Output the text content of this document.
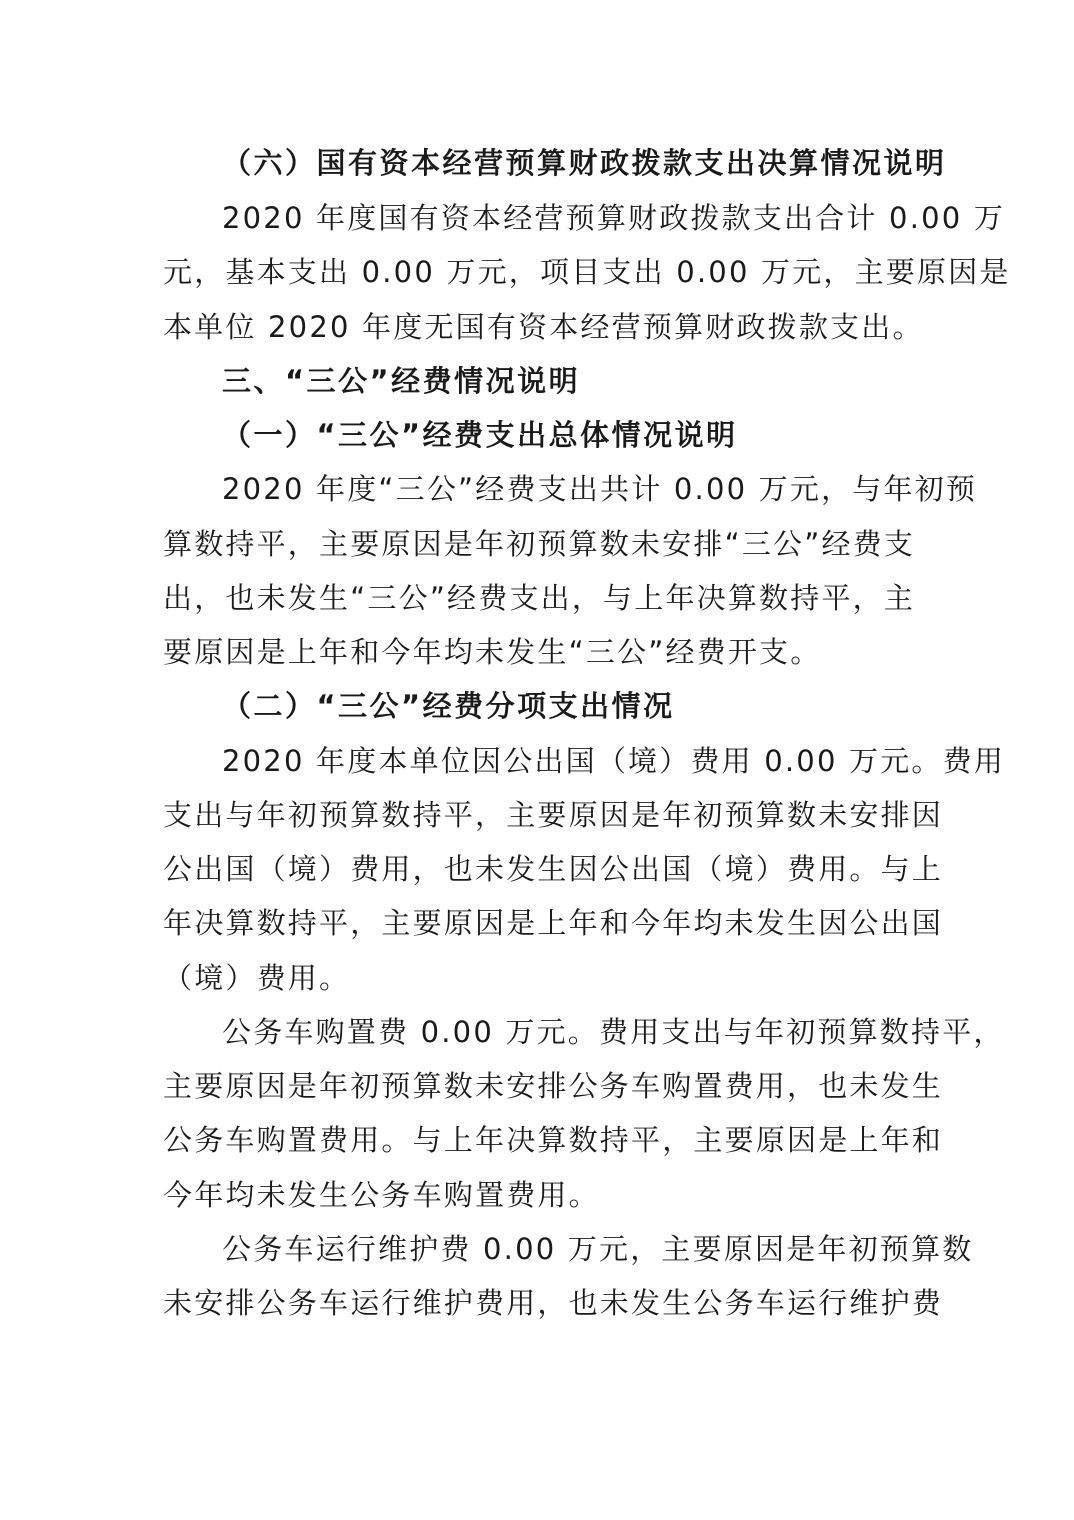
（六）国有资本经营预算财政拨款支出决算情况说明
2020 年度国有资本经营预算财政拨款支出合计 0.00 万
元，基本支出 0.00 万元，项目支出 0.00 万元，主要原因是
本单位 2020 年度无国有资本经营预算财政拨款支出。
三、“三公”经费情况说明
（一）“三公”经费支出总体情况说明
2020 年度“三公”经费支出共计 0.00 万元，与年初预
算数持平，主要原因是年初预算数未安排“三公”经费支
出，也未发生“三公”经费支出，与上年决算数持平，主
要原因是上年和今年均未发生“三公”经费开支。
（二）“三公”经费分项支出情况
2020 年度本单位因公出国（境）费用 0.00 万元。费用
支出与年初预算数持平，主要原因是年初预算数未安排因
公出国（境）费用，也未发生因公出国（境）费用。与上
年决算数持平，主要原因是上年和今年均未发生因公出国
（境）费用。
公务车购置费 0.00 万元。费用支出与年初预算数持平，
主要原因是年初预算数未安排公务车购置费用，也未发生
公务车购置费用。与上年决算数持平，主要原因是上年和
今年均未发生公务车购置费用。
公务车运行维护费 0.00 万元，主要原因是年初预算数
未安排公务车运行维护费用，也未发生公务车运行维护费
